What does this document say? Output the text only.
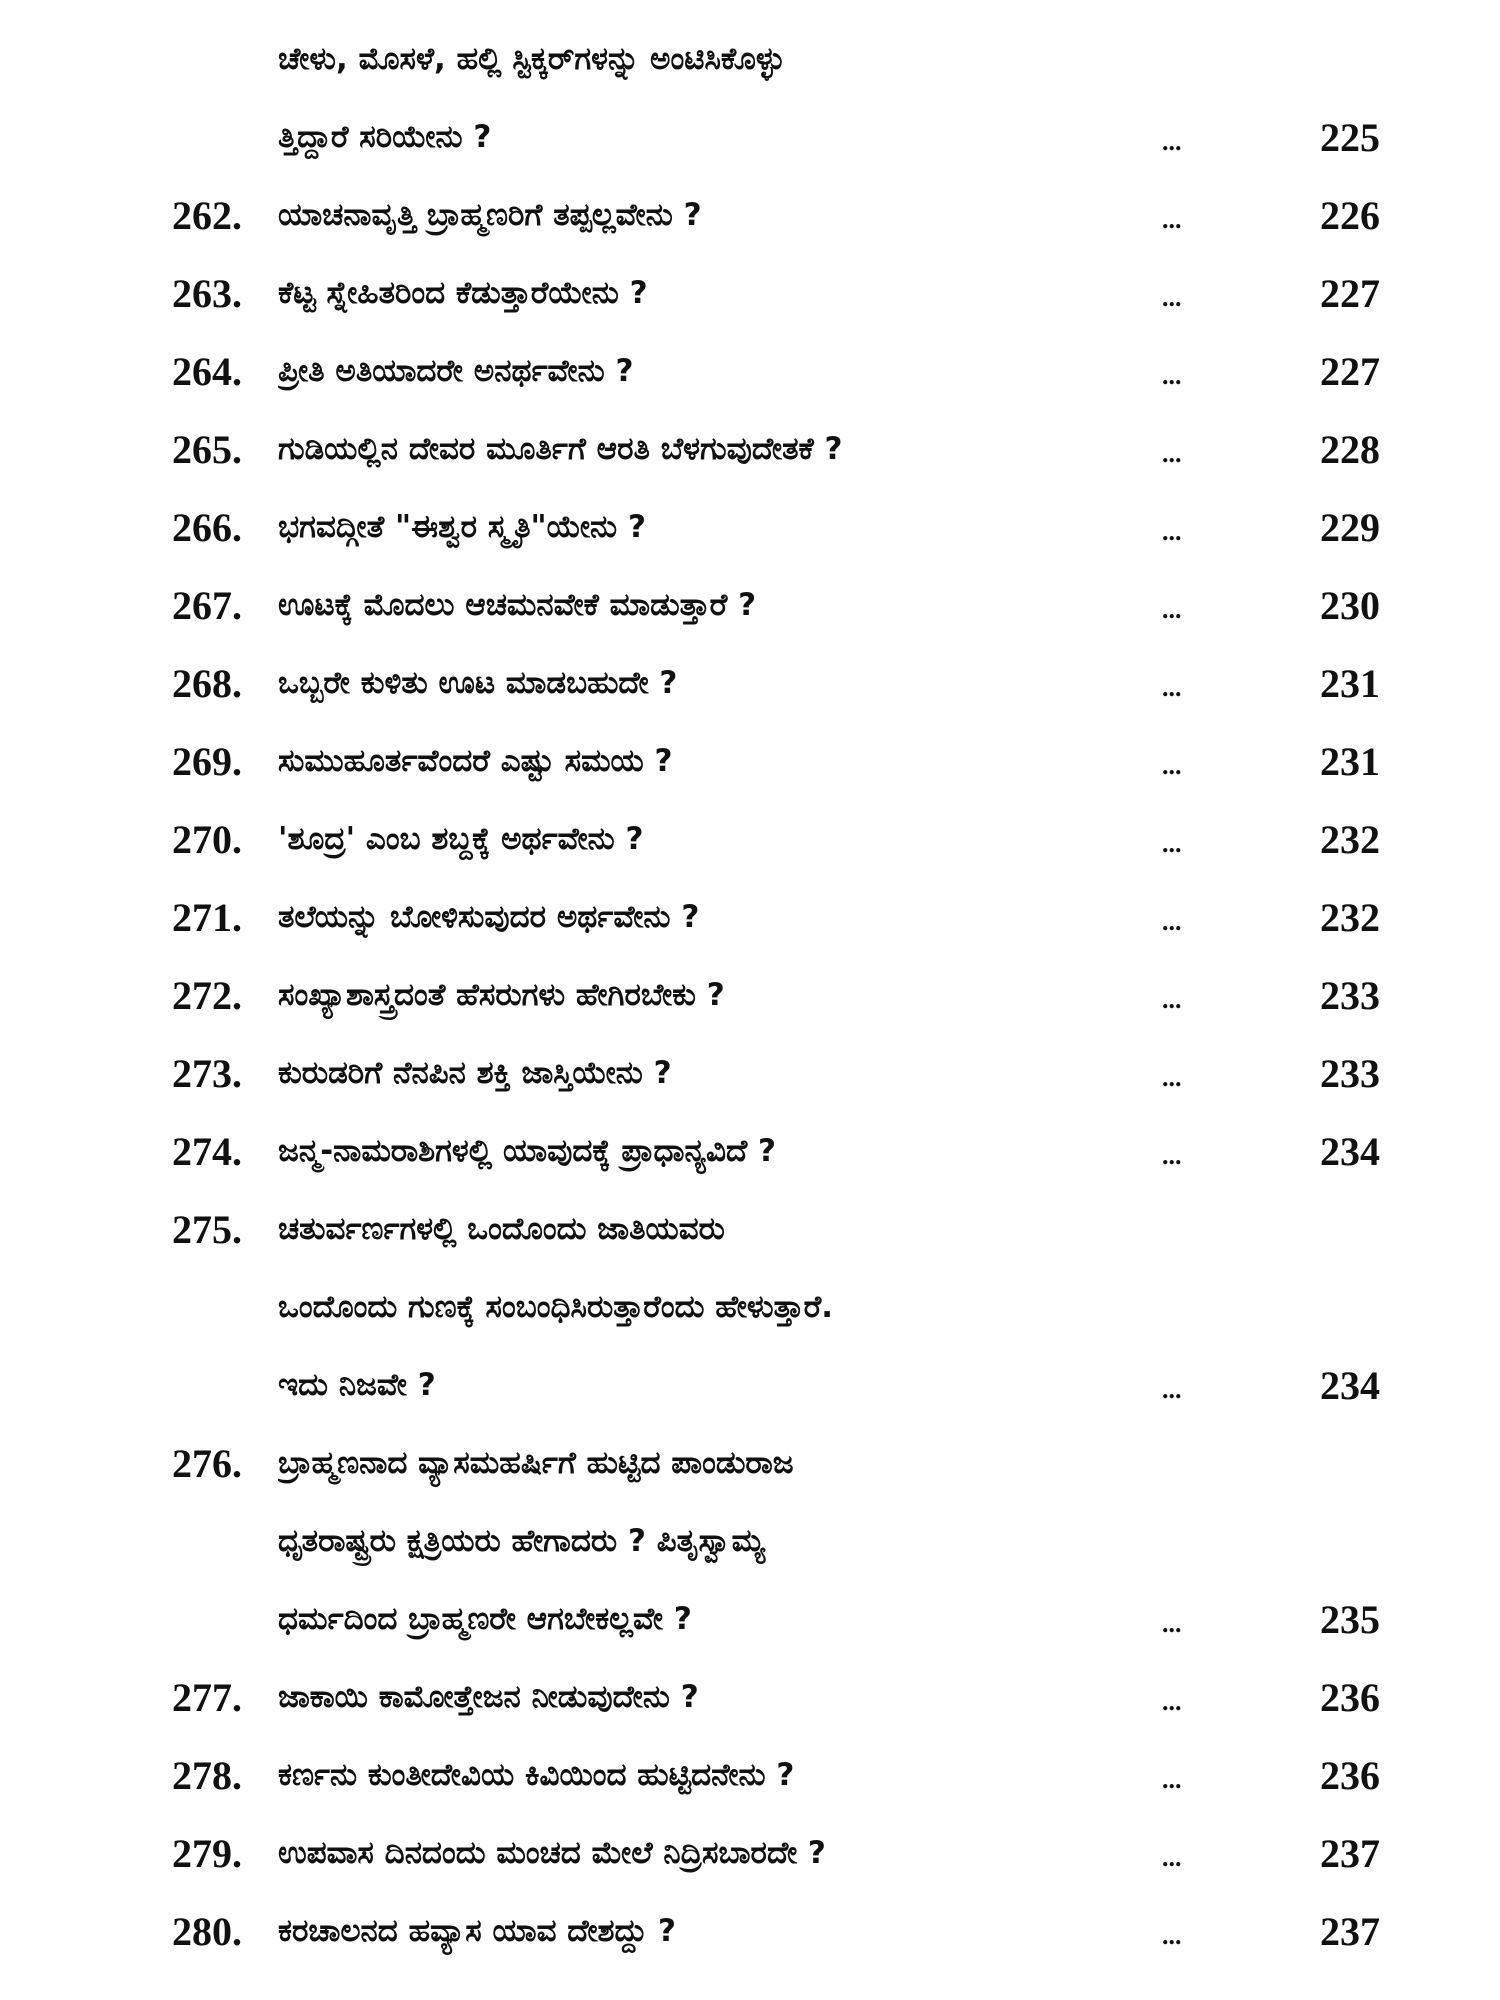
ಚೇಳು, ಮೊಸಳೆ, ಹಲ್ಲಿ ಸ್ಟಿಕ್ಕರ್‌ಗಳನ್ನು ಅಂಟಿಸಿಕೊಳ್ಳು
ತ್ತಿದ್ದಾರೆ ಸರಿಯೇನು ?	...	225
262. ಯಾಚನಾವೃತ್ತಿ ಬ್ರಾಹ್ಮಣರಿಗೆ ತಪ್ಪಲ್ಲವೇನು ?	...	226
263. ಕೆಟ್ಟ ಸ್ನೇಹಿತರಿಂದ ಕೆಡುತ್ತಾರೆಯೇನು ?	...	227
264. ಪ್ರೀತಿ ಅತಿಯಾದರೇ ಅನರ್ಥವೇನು ?	...	227
265. ಗುಡಿಯಲ್ಲಿನ ದೇವರ ಮೂರ್ತಿಗೆ ಆರತಿ ಬೆಳಗುವುದೇತಕೆ ?	...	228
266. ಭಗವದ್ಗೀತೆ "ಈಶ್ವರ ಸ್ಮೃತಿ"ಯೇನು ?	...	229
267. ಊಟಕ್ಕೆ ಮೊದಲು ಆಚಮನವೇಕೆ ಮಾಡುತ್ತಾರೆ ?	...	230
268. ಒಬ್ಬರೇ ಕುಳಿತು ಊಟ ಮಾಡಬಹುದೇ ?	...	231
269. ಸುಮುಹೂರ್ತವೆಂದರೆ ಎಷ್ಟು ಸಮಯ ?	...	231
270. 'ಶೂದ್ರ' ಎಂಬ ಶಬ್ದಕ್ಕೆ ಅರ್ಥವೇನು ?	...	232
271. ತಲೆಯನ್ನು ಬೋಳಿಸುವುದರ ಅರ್ಥವೇನು ?	...	232
272. ಸಂಖ್ಯಾಶಾಸ್ತ್ರದಂತೆ ಹೆಸರುಗಳು ಹೇಗಿರಬೇಕು ?	...	233
273. ಕುರುಡರಿಗೆ ನೆನಪಿನ ಶಕ್ತಿ ಜಾಸ್ತಿಯೇನು ?	...	233
274. ಜನ್ಮ-ನಾಮರಾಶಿಗಳಲ್ಲಿ ಯಾವುದಕ್ಕೆ ಪ್ರಾಧಾನ್ಯವಿದೆ ?	...	234
275. ಚತುರ್ವರ್ಣಗಳಲ್ಲಿ ಒಂದೊಂದು ಜಾತಿಯವರು
ಒಂದೊಂದು ಗುಣಕ್ಕೆ ಸಂಬಂಧಿಸಿರುತ್ತಾರೆಂದು ಹೇಳುತ್ತಾರೆ.
ಇದು ನಿಜವೇ ?	...	234
276. ಬ್ರಾಹ್ಮಣನಾದ ವ್ಯಾಸಮಹರ್ಷಿಗೆ ಹುಟ್ಟಿದ ಪಾಂಡುರಾಜ
ಧೃತರಾಷ್ಟ್ರರು ಕ್ಷತ್ರಿಯರು ಹೇಗಾದರು ? ಪಿತೃಸ್ವಾಮ್ಯ
ಧರ್ಮದಿಂದ ಬ್ರಾಹ್ಮಣರೇ ಆಗಬೇಕಲ್ಲವೇ ?	...	235
277. ಜಾಕಾಯಿ ಕಾಮೋತ್ತೇಜನ ನೀಡುವುದೇನು ?	...	236
278. ಕರ್ಣನು ಕುಂತೀದೇವಿಯ ಕಿವಿಯಿಂದ ಹುಟ್ಟಿದನೇನು ?	...	236
279. ಉಪವಾಸ ದಿನದಂದು ಮಂಚದ ಮೇಲೆ ನಿದ್ರಿಸಬಾರದೇ ?	...	237
280. ಕರಚಾಲನದ ಹವ್ಯಾಸ ಯಾವ ದೇಶದ್ದು ?	...	237
